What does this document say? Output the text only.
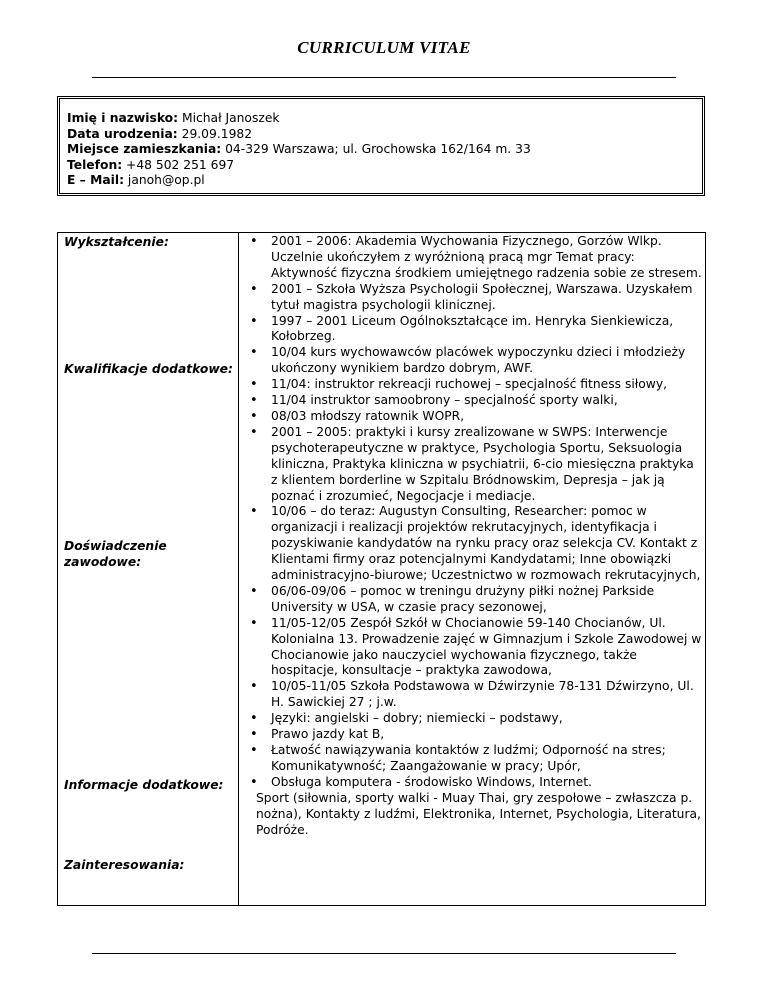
CURRICULUM VITAE
Imię i nazwisko: Michał Janoszek
Data urodzenia: 29.09.1982
Miejsce zamieszkania: 04-329 Warszawa; ul. Grochowska 162/164 m. 33
Telefon: +48 502 251 697
E – Mail: janoh@op.pl
Wykształcenie:
Kwalifikacje dodatkowe:
Doświadczenie zawodowe:
Informacje dodatkowe:
Zainteresowania:
• 2001 – 2006: Akademia Wychowania Fizycznego, Gorzów Wlkp. Uczelnie ukończyłem z wyróżnioną pracą mgr Temat pracy: Aktywność fizyczna środkiem umiejętnego radzenia sobie ze stresem.
• 2001 – Szkoła Wyższa Psychologii Społecznej, Warszawa. Uzyskałem tytuł magistra psychologii klinicznej.
• 1997 – 2001 Liceum Ogólnokształcące im. Henryka Sienkiewicza, Kołobrzeg.
• 10/04 kurs wychowawców placówek wypoczynku dzieci i młodzieży ukończony wynikiem bardzo dobrym, AWF.
• 11/04: instruktor rekreacji ruchowej – specjalność fitness siłowy,
• 11/04 instruktor samoobrony – specjalność sporty walki,
• 08/03 młodszy ratownik WOPR,
• 2001 – 2005: praktyki i kursy zrealizowane w SWPS: Interwencje psychoterapeutyczne w praktyce, Psychologia Sportu, Seksuologia kliniczna, Praktyka kliniczna w psychiatrii, 6-cio miesięczna praktyka z klientem borderline w Szpitalu Bródnowskim, Depresja – jak ją poznać i zrozumieć, Negocjacje i mediacje.
• 10/06 – do teraz: Augustyn Consulting, Researcher: pomoc w organizacji i realizacji projektów rekrutacyjnych, identyfikacja i pozyskiwanie kandydatów na rynku pracy oraz selekcja CV. Kontakt z Klientami firmy oraz potencjalnymi Kandydatami; Inne obowiązki administracyjno-biurowe; Uczestnictwo w rozmowach rekrutacyjnych,
• 06/06-09/06 – pomoc w treningu drużyny piłki nożnej Parkside University w USA, w czasie pracy sezonowej,
• 11/05-12/05 Zespół Szkół w Chocianowie 59-140 Chocianów, Ul. Kolonialna 13. Prowadzenie zajęć w Gimnazjum i Szkole Zawodowej w Chocianowie jako nauczyciel wychowania fizycznego, także hospitacje, konsultacje – praktyka zawodowa,
• 10/05-11/05 Szkoła Podstawowa w Dźwirzynie 78-131 Dźwirzyno, Ul. H. Sawickiej 27 ; j.w.
• Języki: angielski – dobry; niemiecki – podstawy,
• Prawo jazdy kat B,
• Łatwość nawiązywania kontaktów z ludźmi; Odporność na stres; Komunikatywność; Zaangażowanie w pracy; Upór,
• Obsługa komputera - środowisko Windows, Internet.
Sport (siłownia, sporty walki - Muay Thai, gry zespołowe – zwłaszcza p. nożna), Kontakty z ludźmi, Elektronika, Internet, Psychologia, Literatura, Podróże.
